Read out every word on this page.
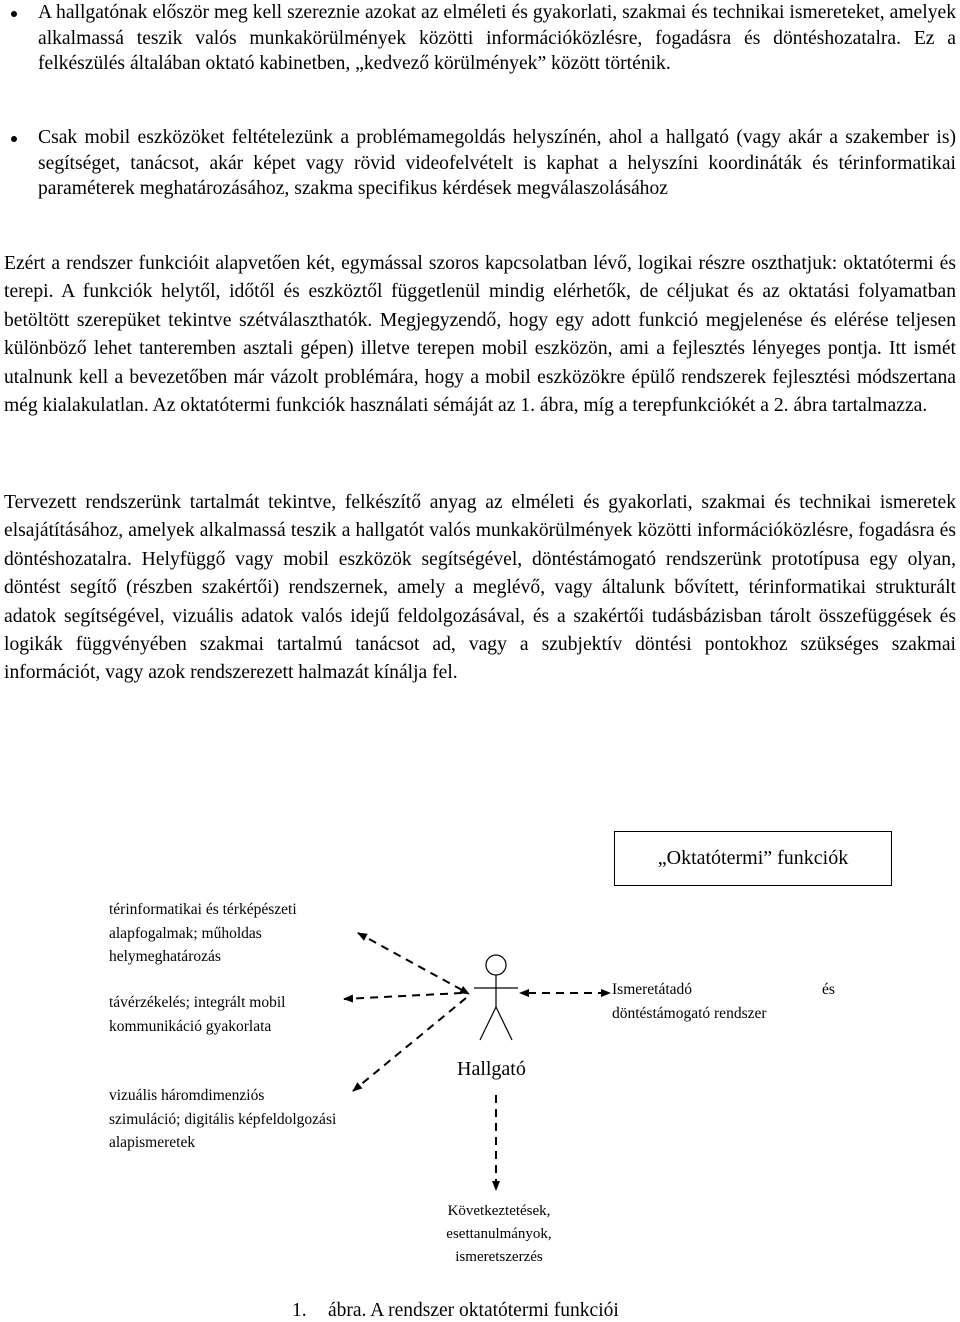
A hallgatónak először meg kell szereznie azokat az elméleti és gyakorlati, szakmai és technikai ismereteket, amelyek alkalmassá teszik valós munkakörülmények közötti információközlésre, fogadásra és döntéshozatalra. Ez a felkészülés általában oktató kabinetben, „kedvező körülmények” között történik.
Csak mobil eszközöket feltételezünk a problémamegoldás helyszínén, ahol a hallgató (vagy akár a szakember is) segítséget, tanácsot, akár képet vagy rövid videofelvételt is kaphat a helyszíni koordináták és térinformatikai paraméterek meghatározásához, szakma specifikus kérdések megválaszolásához
Ezért a rendszer funkcióit alapvetően két, egymással szoros kapcsolatban lévő, logikai részre oszthatjuk: oktatótermi és terepi. A funkciók helytől, időtől és eszköztől függetlenül mindig elérhetők, de céljukat és az oktatási folyamatban betöltött szerepüket tekintve szétválaszthatók. Megjegyzendő, hogy egy adott funkció megjelenése és elérése teljesen különböző lehet tanteremben asztali gépen) illetve terepen mobil eszközön, ami a fejlesztés lényeges pontja. Itt ismét utalnunk kell a bevezetőben már vázolt problémára, hogy a mobil eszközökre épülő rendszerek fejlesztési módszertana még kialakulatlan. Az oktatótermi funkciók használati sémáját az 1. ábra, míg a terepfunkciókét a 2. ábra tartalmazza.
Tervezett rendszerünk tartalmát tekintve, felkészítő anyag az elméleti és gyakorlati, szakmai és technikai ismeretek elsajátításához, amelyek alkalmassá teszik a hallgatót valós munkakörülmények közötti információközlésre, fogadásra és döntéshozatalra. Helyfüggő vagy mobil eszközök segítségével, döntéstámogató rendszerünk prototípusa egy olyan, döntést segítő (részben szakértői) rendszernek, amely a meglévő, vagy általunk bővített, térinformatikai strukturált adatok segítségével, vizuális adatok valós idejű feldolgozásával, és a szakértői tudásbázisban tárolt összefüggések és logikák függvényében szakmai tartalmú tanácsot ad, vagy a szubjektív döntési pontokhoz szükséges szakmai információt, vagy azok rendszerezett halmazát kínálja fel.
„Oktatótermi” funkciók
térinformatikai és térképészeti
alapfogalmak; műholdas
helymeghatározás
távérzékelés; integrált mobil
kommunikáció gyakorlata
vizuális háromdimenziós
szimuláció; digitális képfeldolgozási
alapismeretek
Ismeretátadó	és
döntéstámogató rendszer
Hallgató
Következtetések,
esettanulmányok,
ismeretszerzés
1. ábra. A rendszer oktatótermi funkciói
